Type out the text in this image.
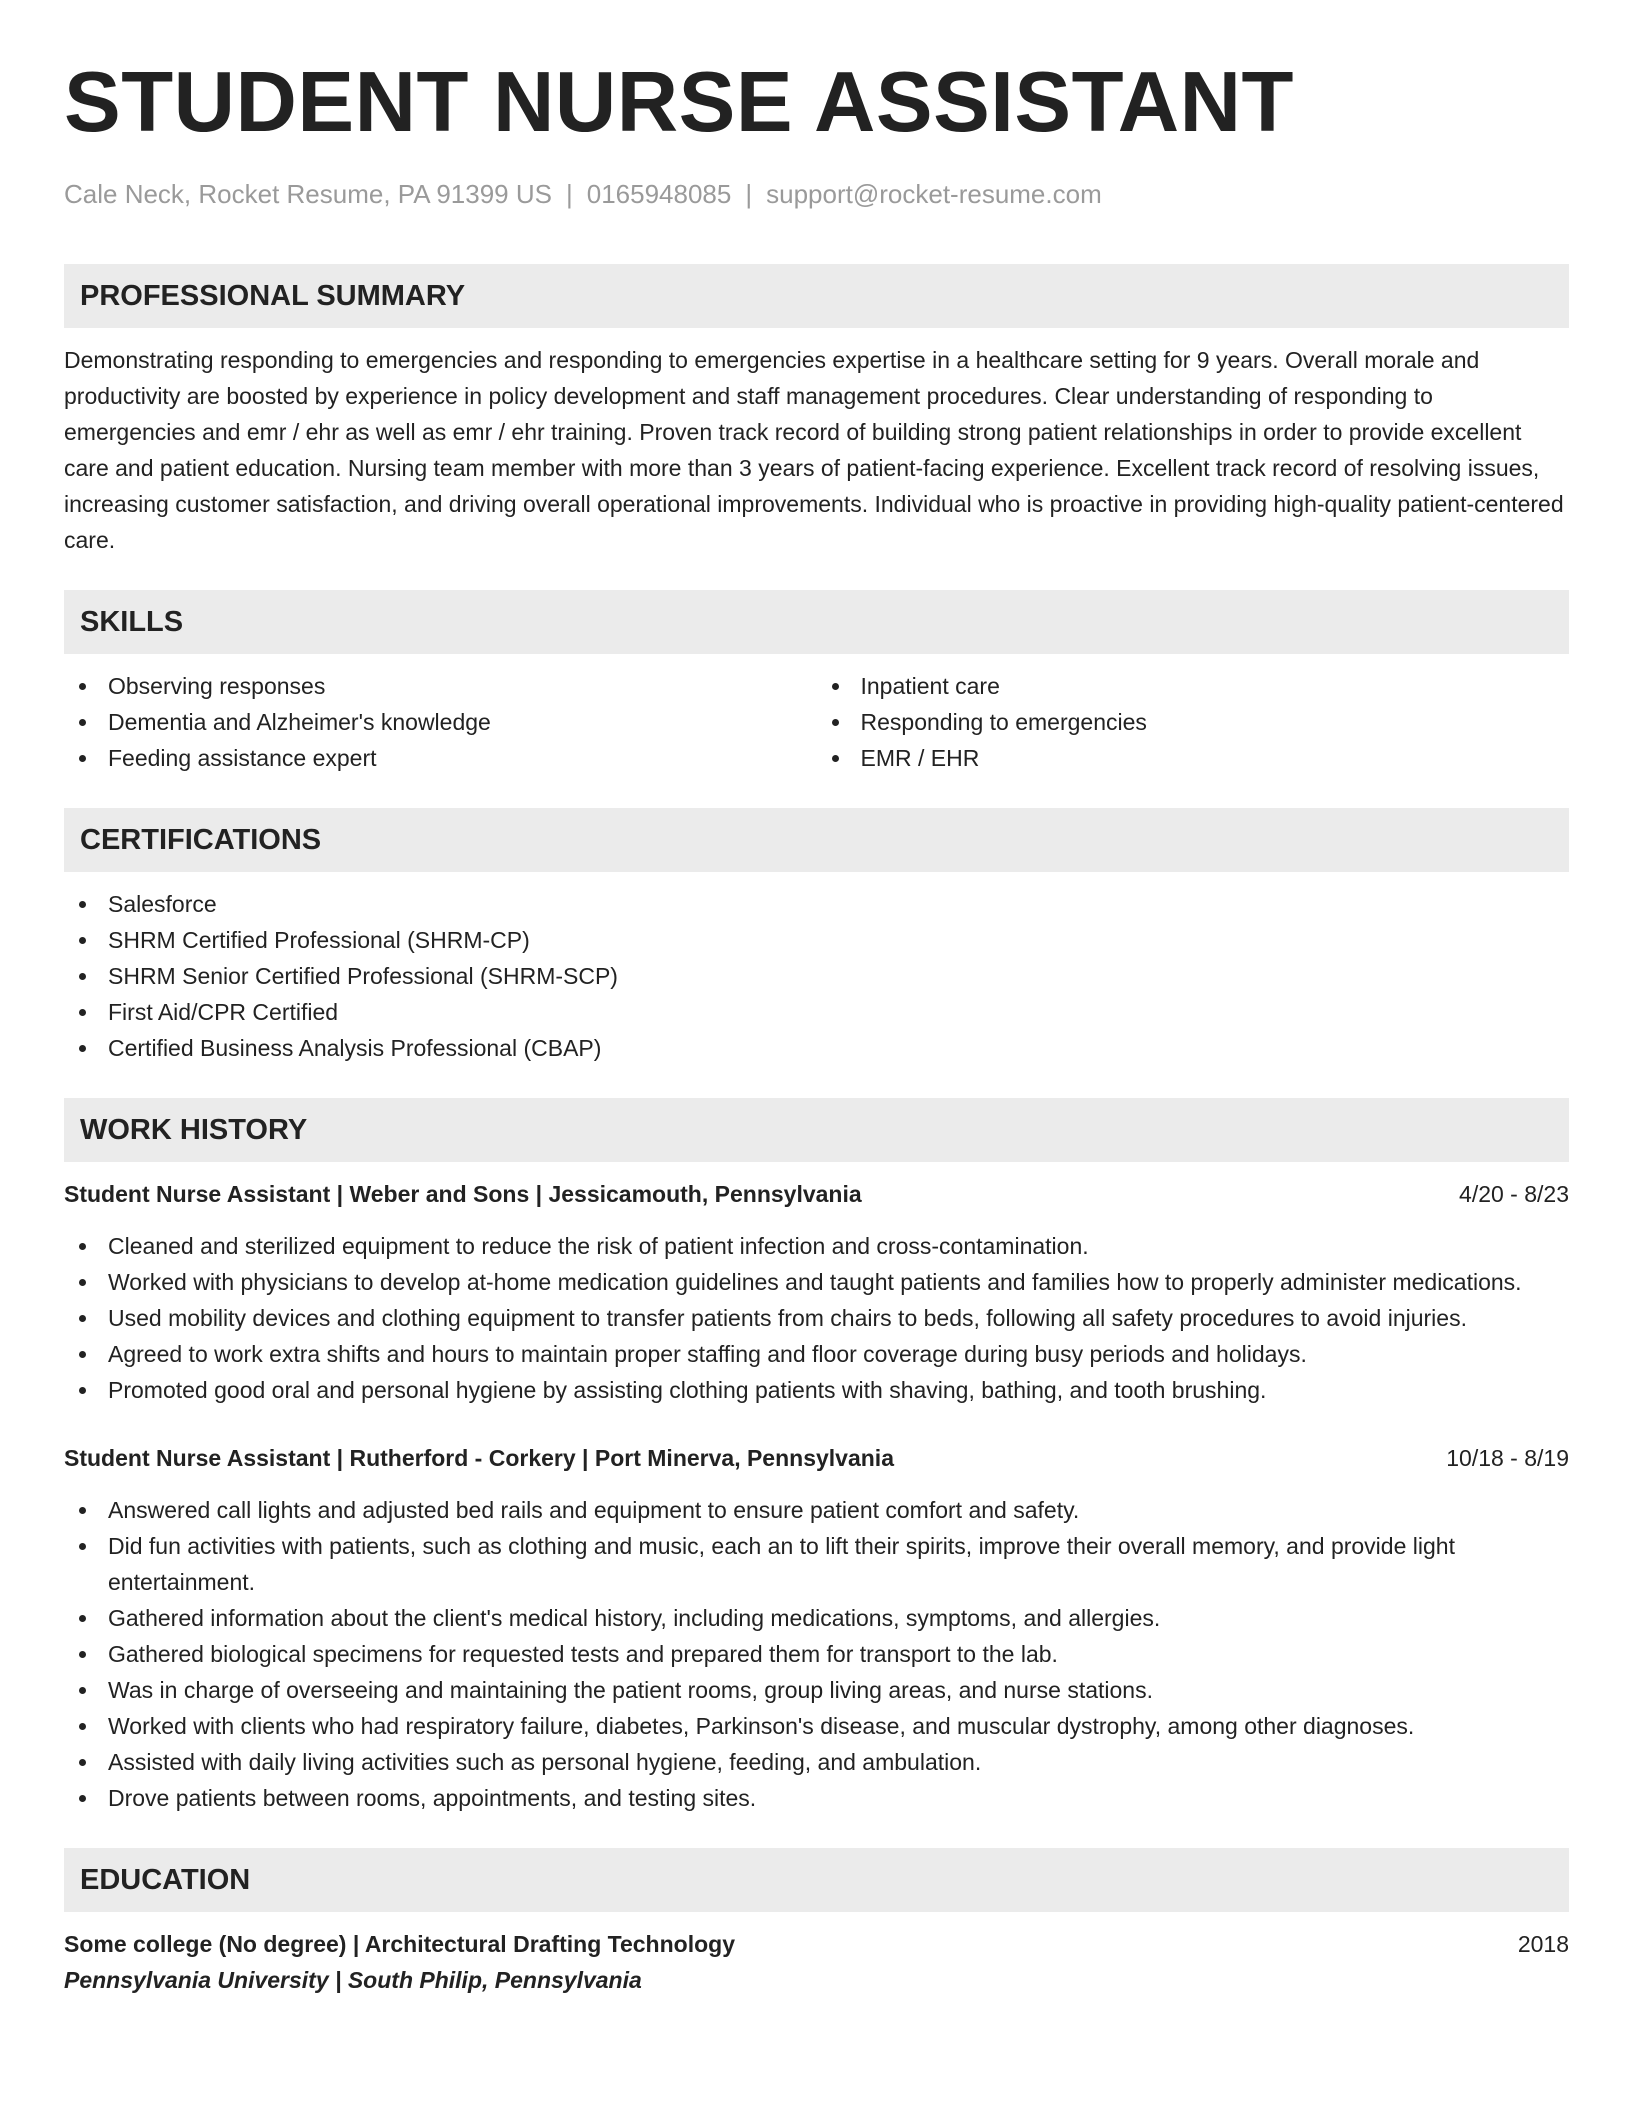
STUDENT NURSE ASSISTANT
Cale Neck, Rocket Resume, PA 91399 US | 0165948085 | support@rocket-resume.com
PROFESSIONAL SUMMARY

Demonstrating responding to emergencies and responding to emergencies expertise in a healthcare setting for 9 years. Overall morale and productivity are boosted by experience in policy development and staff management procedures. Clear understanding of responding to emergencies and emr / ehr as well as emr / ehr training. Proven track record of building strong patient relationships in order to provide excellent care and patient education. Nursing team member with more than 3 years of patient-facing experience. Excellent track record of resolving issues, increasing customer satisfaction, and driving overall operational improvements. Individual who is proactive in providing high-quality patient-centered care.

SKILLS
Observing responses
Dementia and Alzheimer's knowledge
Feeding assistance expert
Inpatient care
Responding to emergencies
EMR / EHR
CERTIFICATIONS
Salesforce
SHRM Certified Professional (SHRM-CP)
SHRM Senior Certified Professional (SHRM-SCP)
First Aid/CPR Certified
Certified Business Analysis Professional (CBAP)
WORK HISTORY
Student Nurse Assistant | Weber and Sons | Jessicamouth, Pennsylvania	4/20 - 8/23
Cleaned and sterilized equipment to reduce the risk of patient infection and cross-contamination.
Worked with physicians to develop at-home medication guidelines and taught patients and families how to properly administer medications.
Used mobility devices and clothing equipment to transfer patients from chairs to beds, following all safety procedures to avoid injuries.
Agreed to work extra shifts and hours to maintain proper staffing and floor coverage during busy periods and holidays.
Promoted good oral and personal hygiene by assisting clothing patients with shaving, bathing, and tooth brushing.
Student Nurse Assistant | Rutherford - Corkery | Port Minerva, Pennsylvania	10/18 - 8/19
Answered call lights and adjusted bed rails and equipment to ensure patient comfort and safety.
Did fun activities with patients, such as clothing and music, each an to lift their spirits, improve their overall memory, and provide light entertainment.
Gathered information about the client's medical history, including medications, symptoms, and allergies.
Gathered biological specimens for requested tests and prepared them for transport to the lab.
Was in charge of overseeing and maintaining the patient rooms, group living areas, and nurse stations.
Worked with clients who had respiratory failure, diabetes, Parkinson's disease, and muscular dystrophy, among other diagnoses.
Assisted with daily living activities such as personal hygiene, feeding, and ambulation.
Drove patients between rooms, appointments, and testing sites.
EDUCATION
Some college (No degree) | Architectural Drafting Technology	2018
Pennsylvania University | South Philip, Pennsylvania
